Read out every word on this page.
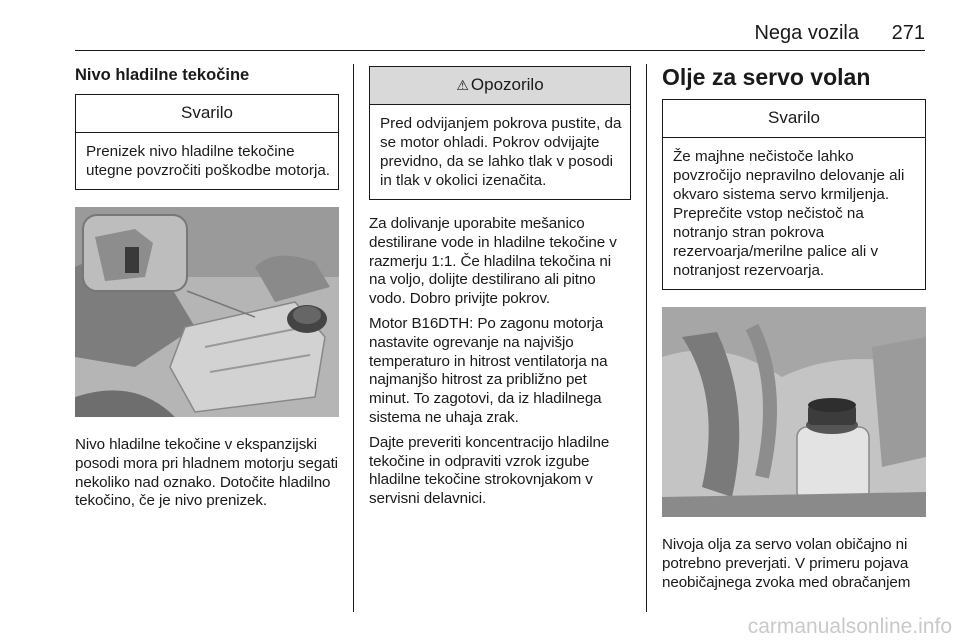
Nega vozila 271
Nivo hladilne tekočine
Svarilo
Prenizek nivo hladilne tekočine utegne povzročiti poškodbe motorja.

Nivo hladilne tekočine v ekspanzijski posodi mora pri hladnem motorju segati nekoliko nad oznako. Dotočite hladilno tekočino, če je nivo prenizek.

⚠ Opozorilo
Pred odvijanjem pokrova pustite, da se motor ohladi. Pokrov odvijajte previdno, da se lahko tlak v posodi in tlak v okolici izenačita.

Za dolivanje uporabite mešanico destilirane vode in hladilne tekočine v razmerju 1:1. Če hladilna tekočina ni na voljo, dolijte destilirano ali pitno vodo. Dobro privijte pokrov.

Motor B16DTH: Po zagonu motorja nastavite ogrevanje na najvišjo temperaturo in hitrost ventilatorja na najmanjšo hitrost za približno pet minut. To zagotovi, da iz hladilnega sistema ne uhaja zrak.

Dajte preveriti koncentracijo hladilne tekočine in odpraviti vzrok izgube hladilne tekočine strokovnjakom v servisni delavnici.

Olje za servo volan
Svarilo
Že majhne nečistoče lahko povzročijo nepravilno delovanje ali okvaro sistema servo krmiljenja. Preprečite vstop nečistoč na notranjo stran pokrova rezervoarja/merilne palice ali v notranjost rezervoarja.

Nivoja olja za servo volan običajno ni potrebno preverjati. V primeru pojava neobičajnega zvoka med obračanjem

carmanualsonline.info
